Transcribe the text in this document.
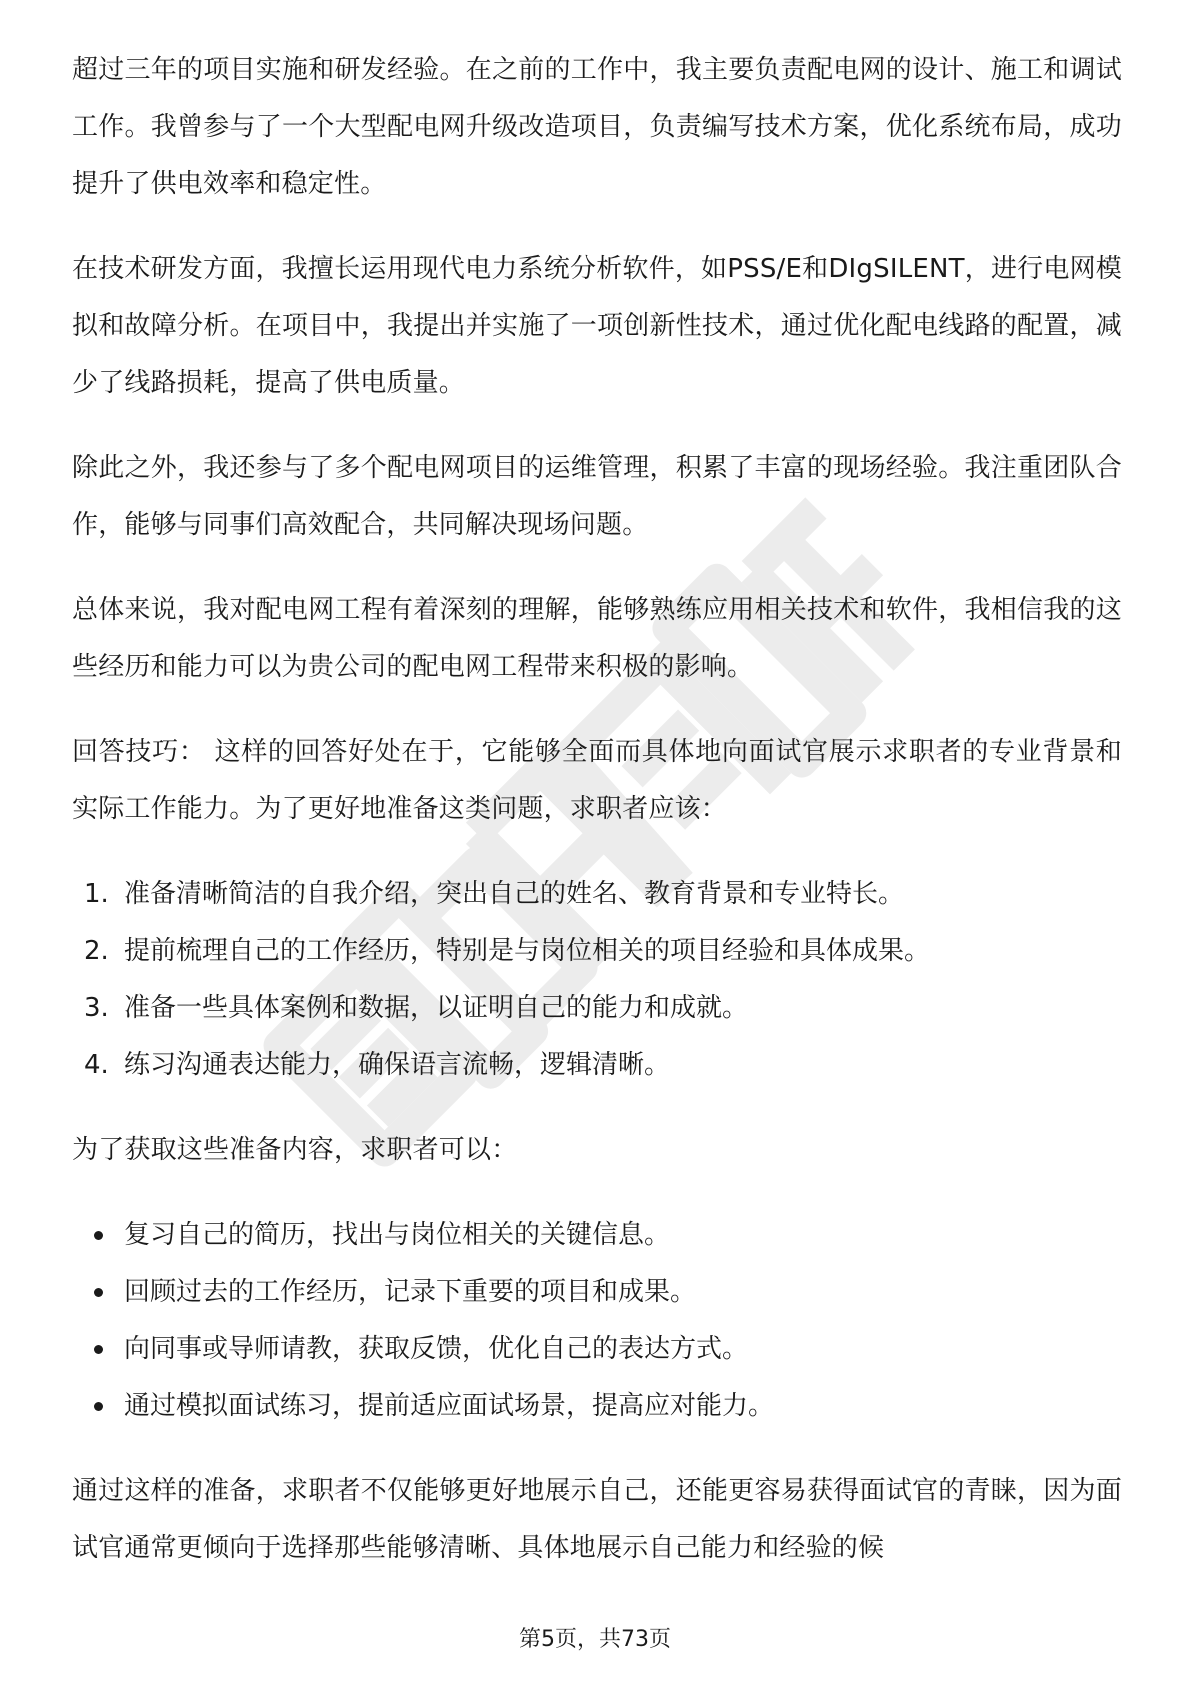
超过三年的项目实施和研发经验。在之前的工作中，我主要负责配电网的设计、施工和调试工作。我曾参与了一个大型配电网升级改造项目，负责编写技术方案，优化系统布局，成功提升了供电效率和稳定性。

在技术研发方面，我擅长运用现代电力系统分析软件，如PSS/E和DIgSILENT，进行电网模拟和故障分析。在项目中，我提出并实施了一项创新性技术，通过优化配电线路的配置，减少了线路损耗，提高了供电质量。

除此之外，我还参与了多个配电网项目的运维管理，积累了丰富的现场经验。我注重团队合作，能够与同事们高效配合，共同解决现场问题。

总体来说，我对配电网工程有着深刻的理解，能够熟练应用相关技术和软件，我相信我的这些经历和能力可以为贵公司的配电网工程带来积极的影响。

回答技巧： 这样的回答好处在于，它能够全面而具体地向面试官展示求职者的专业背景和实际工作能力。为了更好地准备这类问题，求职者应该：

1. 准备清晰简洁的自我介绍，突出自己的姓名、教育背景和专业特长。
2. 提前梳理自己的工作经历，特别是与岗位相关的项目经验和具体成果。
3. 准备一些具体案例和数据，以证明自己的能力和成就。
4. 练习沟通表达能力，确保语言流畅，逻辑清晰。

为了获取这些准备内容，求职者可以：

复习自己的简历，找出与岗位相关的关键信息。
回顾过去的工作经历，记录下重要的项目和成果。
向同事或导师请教，获取反馈，优化自己的表达方式。
通过模拟面试练习，提前适应面试场景，提高应对能力。

通过这样的准备，求职者不仅能够更好地展示自己，还能更容易获得面试官的青睐，因为面试官通常更倾向于选择那些能够清晰、具体地展示自己能力和经验的候

第5页，共73页
